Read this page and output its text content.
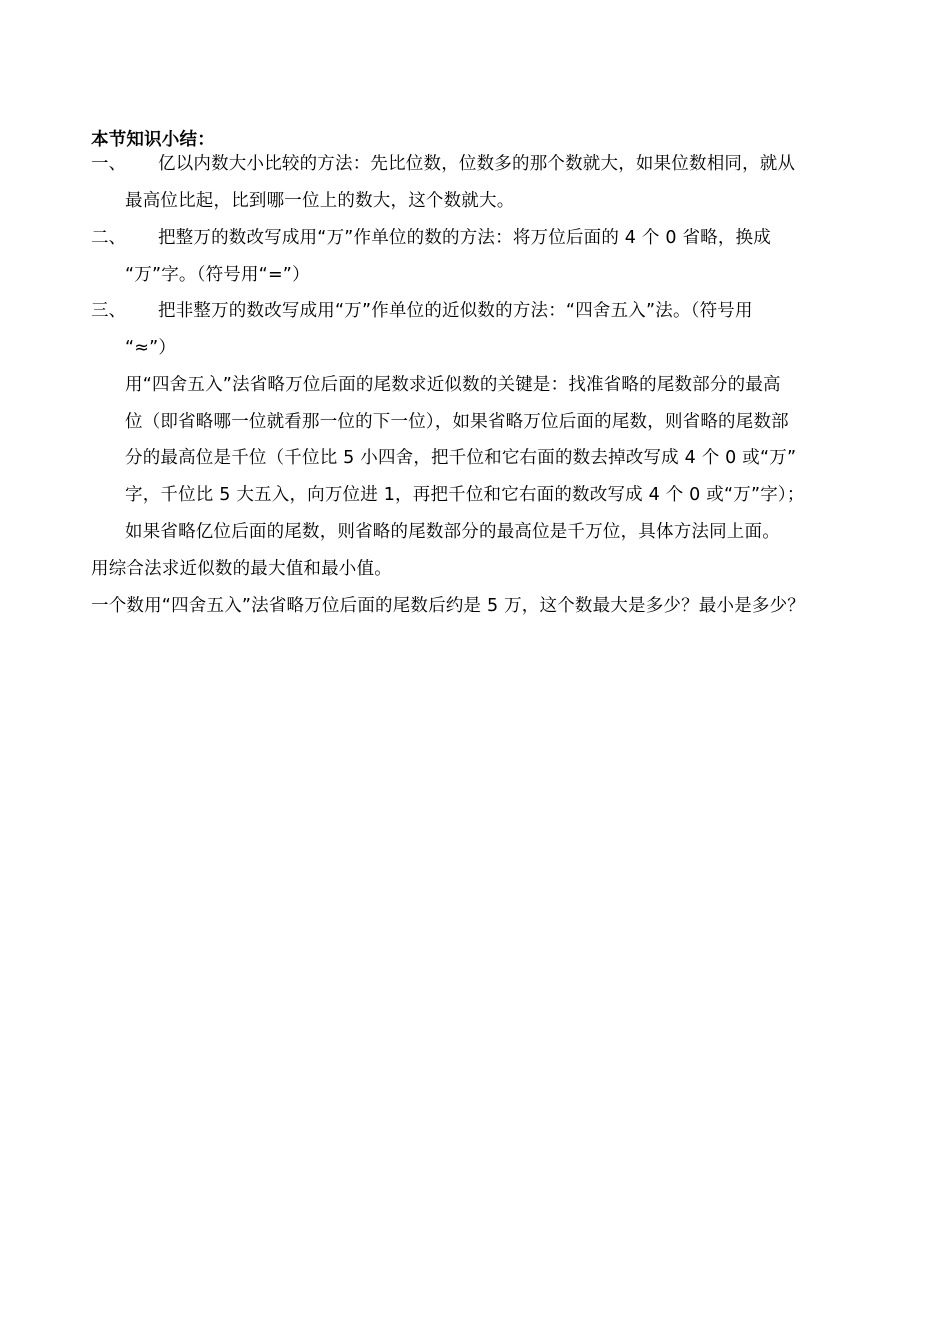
本节知识小结：
一、 亿以内数大小比较的方法：先比位数，位数多的那个数就大，如果位数相同，就从
最高位比起，比到哪一位上的数大，这个数就大。
二、 把整万的数改写成用“万”作单位的数的方法：将万位后面的 4 个 0 省略，换成
“万”字。（符号用“=”）
三、 把非整万的数改写成用“万”作单位的近似数的方法：“四舍五入”法。（符号用
“≈”）
用“四舍五入”法省略万位后面的尾数求近似数的关键是：找准省略的尾数部分的最高
位（即省略哪一位就看那一位的下一位），如果省略万位后面的尾数，则省略的尾数部
分的最高位是千位（千位比 5 小四舍，把千位和它右面的数去掉改写成 4 个 0 或“万”
字，千位比 5 大五入，向万位进 1，再把千位和它右面的数改写成 4 个 0 或“万”字）；
如果省略亿位后面的尾数，则省略的尾数部分的最高位是千万位，具体方法同上面。
用综合法求近似数的最大值和最小值。
一个数用“四舍五入”法省略万位后面的尾数后约是 5 万，这个数最大是多少？最小是多少？
